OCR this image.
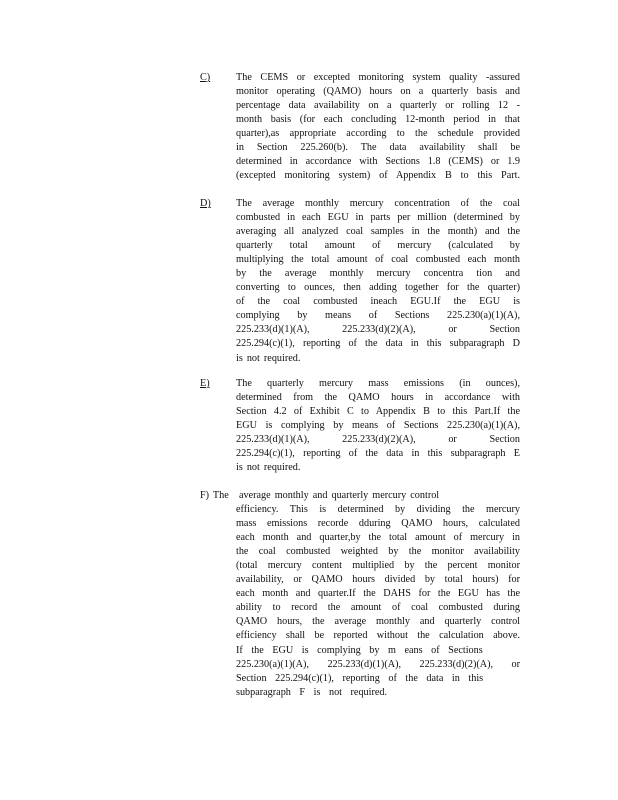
C)	The CEMS or excepted monitoring system quality -assured
monitor operating (QAMO) hours on a quarterly basis and
percentage data availability on a quarterly or rolling 12 -
month basis (for each concluding 12-month period in that
quarter),as appropriate according to the schedule provided
in Section 225.260(b). The data availability shall be
determined in accordance with Sections 1.8 (CEMS) or 1.9
(excepted monitoring system) of Appendix B to this Part.
D)	The average monthly mercury concentration of the coal
combusted in each EGU in parts per million (determined by
averaging all analyzed coal samples in the month) and the
quarterly total amount of mercury (calculated by
multiplying the total amount of coal combusted each month
by the average monthly mercury concentra tion and
converting to ounces, then adding together for the quarter)
of the coal combusted ineach EGU.If the EGU is
complying by means of Sections 225.230(a)(1)(A),
225.233(d)(1)(A), 225.233(d)(2)(A), or Section
225.294(c)(1), reporting of the data in this subparagraph D
is not required.
E)	The quarterly mercury mass emissions (in ounces),
determined from the QAMO hours in accordance with
Section 4.2 of Exhibit C to Appendix B to this Part.If the
EGU is complying by means of Sections 225.230(a)(1)(A),
225.233(d)(1)(A), 225.233(d)(2)(A), or Section
225.294(c)(1), reporting of the data in this subparagraph E
is not required.
F) The	average monthly and quarterly mercury control
efficiency. This is determined by dividing the mercury
mass emissions recorde dduring QAMO hours, calculated
each month and quarter,by the total amount of mercury in
the coal combusted weighted by the monitor availability
(total mercury content multiplied by the percent monitor
availability, or QAMO hours divided by total hours) for
each month and quarter.If the DAHS for the EGU has the
ability to record the amount of coal combusted during
QAMO hours, the average monthly and quarterly control
efficiency shall be reported without the calculation above.
If the EGU is complying by m eans of Sections
225.230(a)(1)(A), 225.233(d)(1)(A), 225.233(d)(2)(A), or
Section 225.294(c)(1), reporting of the data in this
subparagraph F is not required.
